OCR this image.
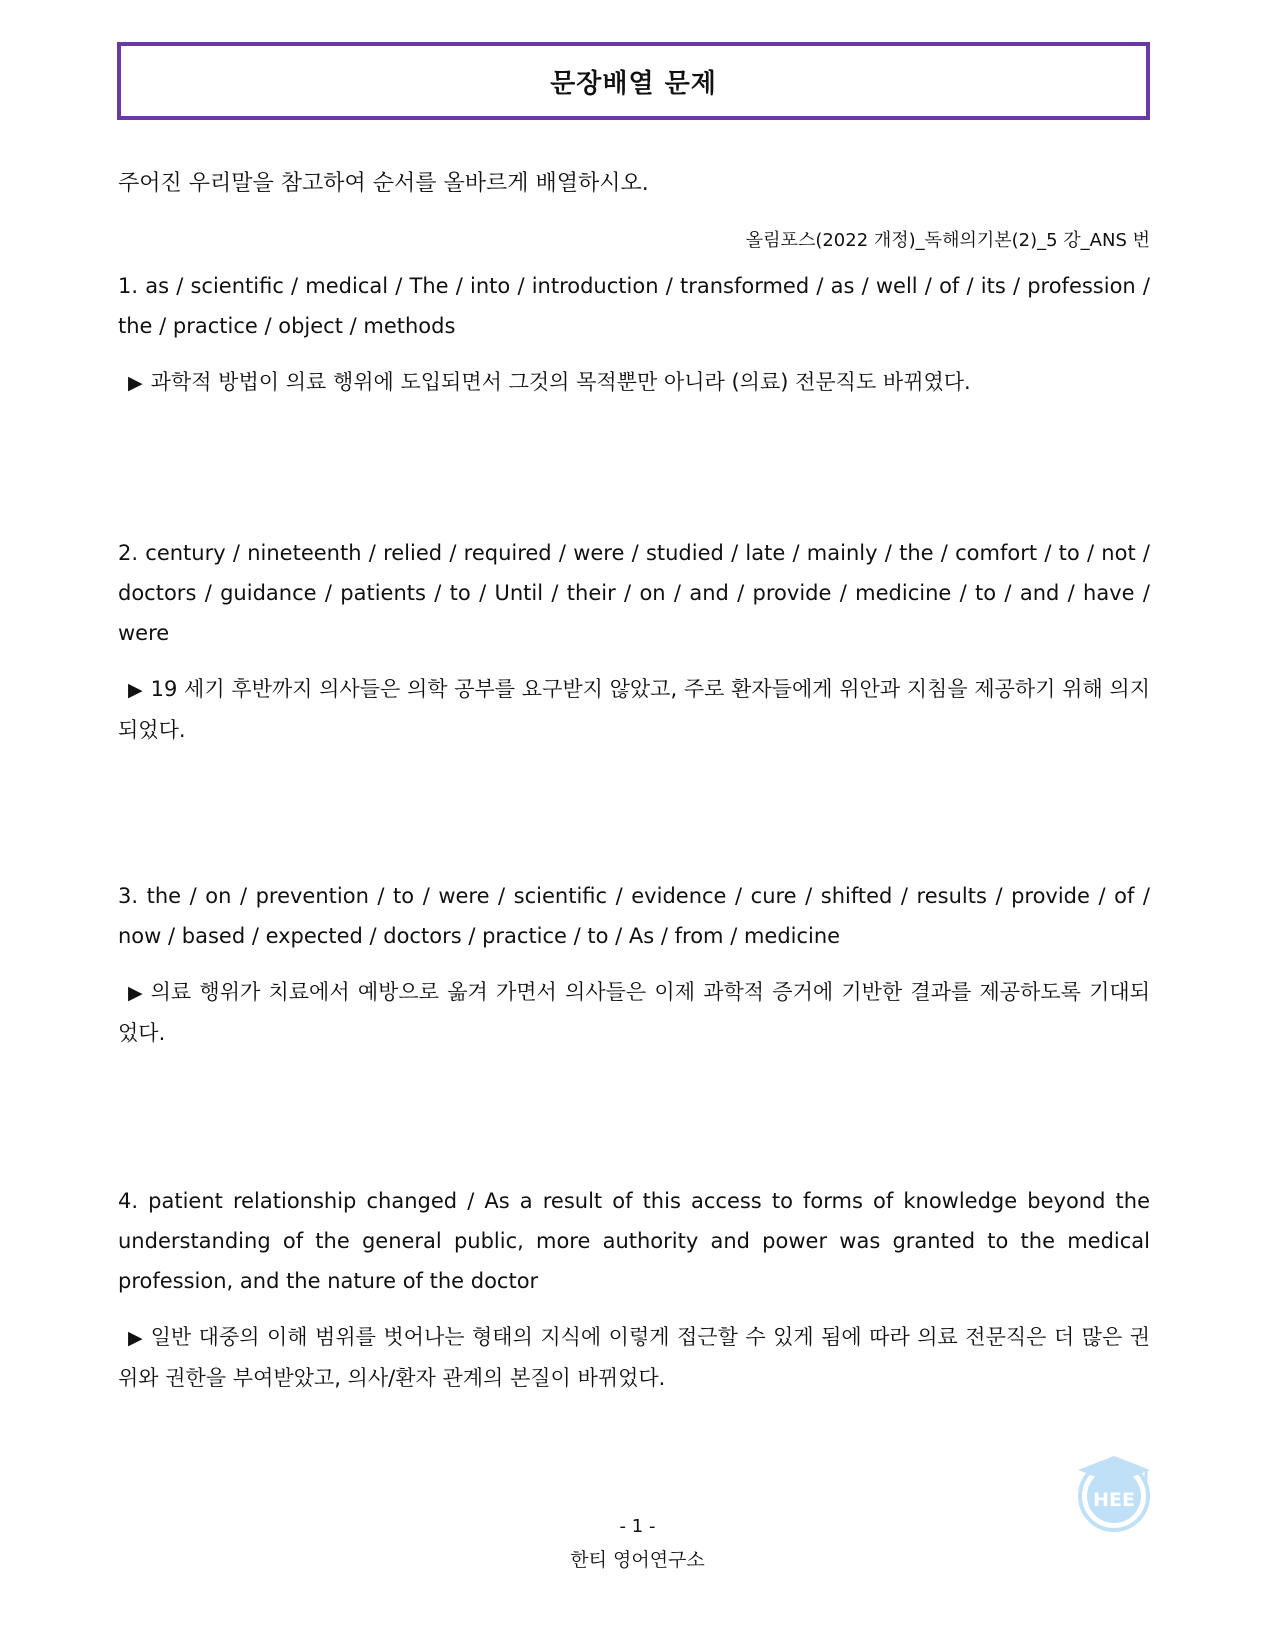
문장배열 문제
주어진 우리말을 참고하여 순서를 올바르게 배열하시오.
올림포스(2022 개정)_독해의기본(2)_5 강_ANS 번

1. as / scientific / medical / The / into / introduction / transformed / as / well / of / its / profession / the / practice / object / methods

▶ 과학적 방법이 의료 행위에 도입되면서 그것의 목적뿐만 아니라 (의료) 전문직도 바뀌였다.

2. century / nineteenth / relied / required / were / studied / late / mainly / the / comfort / to / not / doctors / guidance / patients / to / Until / their / on / and / provide / medicine / to / and / have / were

▶ 19 세기 후반까지 의사들은 의학 공부를 요구받지 않았고, 주로 환자들에게 위안과 지침을 제공하기 위해 의지되었다.

3. the / on / prevention / to / were / scientific / evidence / cure / shifted / results / provide / of / now / based / expected / doctors / practice / to / As / from / medicine

▶ 의료 행위가 치료에서 예방으로 옮겨 가면서 의사들은 이제 과학적 증거에 기반한 결과를 제공하도록 기대되었다.

4. patient relationship changed / As a result of this access to forms of knowledge beyond the understanding of the general public, more authority and power was granted to the medical profession, and the nature of the doctor

▶ 일반 대중의 이해 범위를 벗어나는 형태의 지식에 이렇게 접근할 수 있게 됨에 따라 의료 전문직은 더 많은 권위와 권한을 부여받았고, 의사/환자 관계의 본질이 바뀌었다.

- 1 -
한티 영어연구소
HEE
